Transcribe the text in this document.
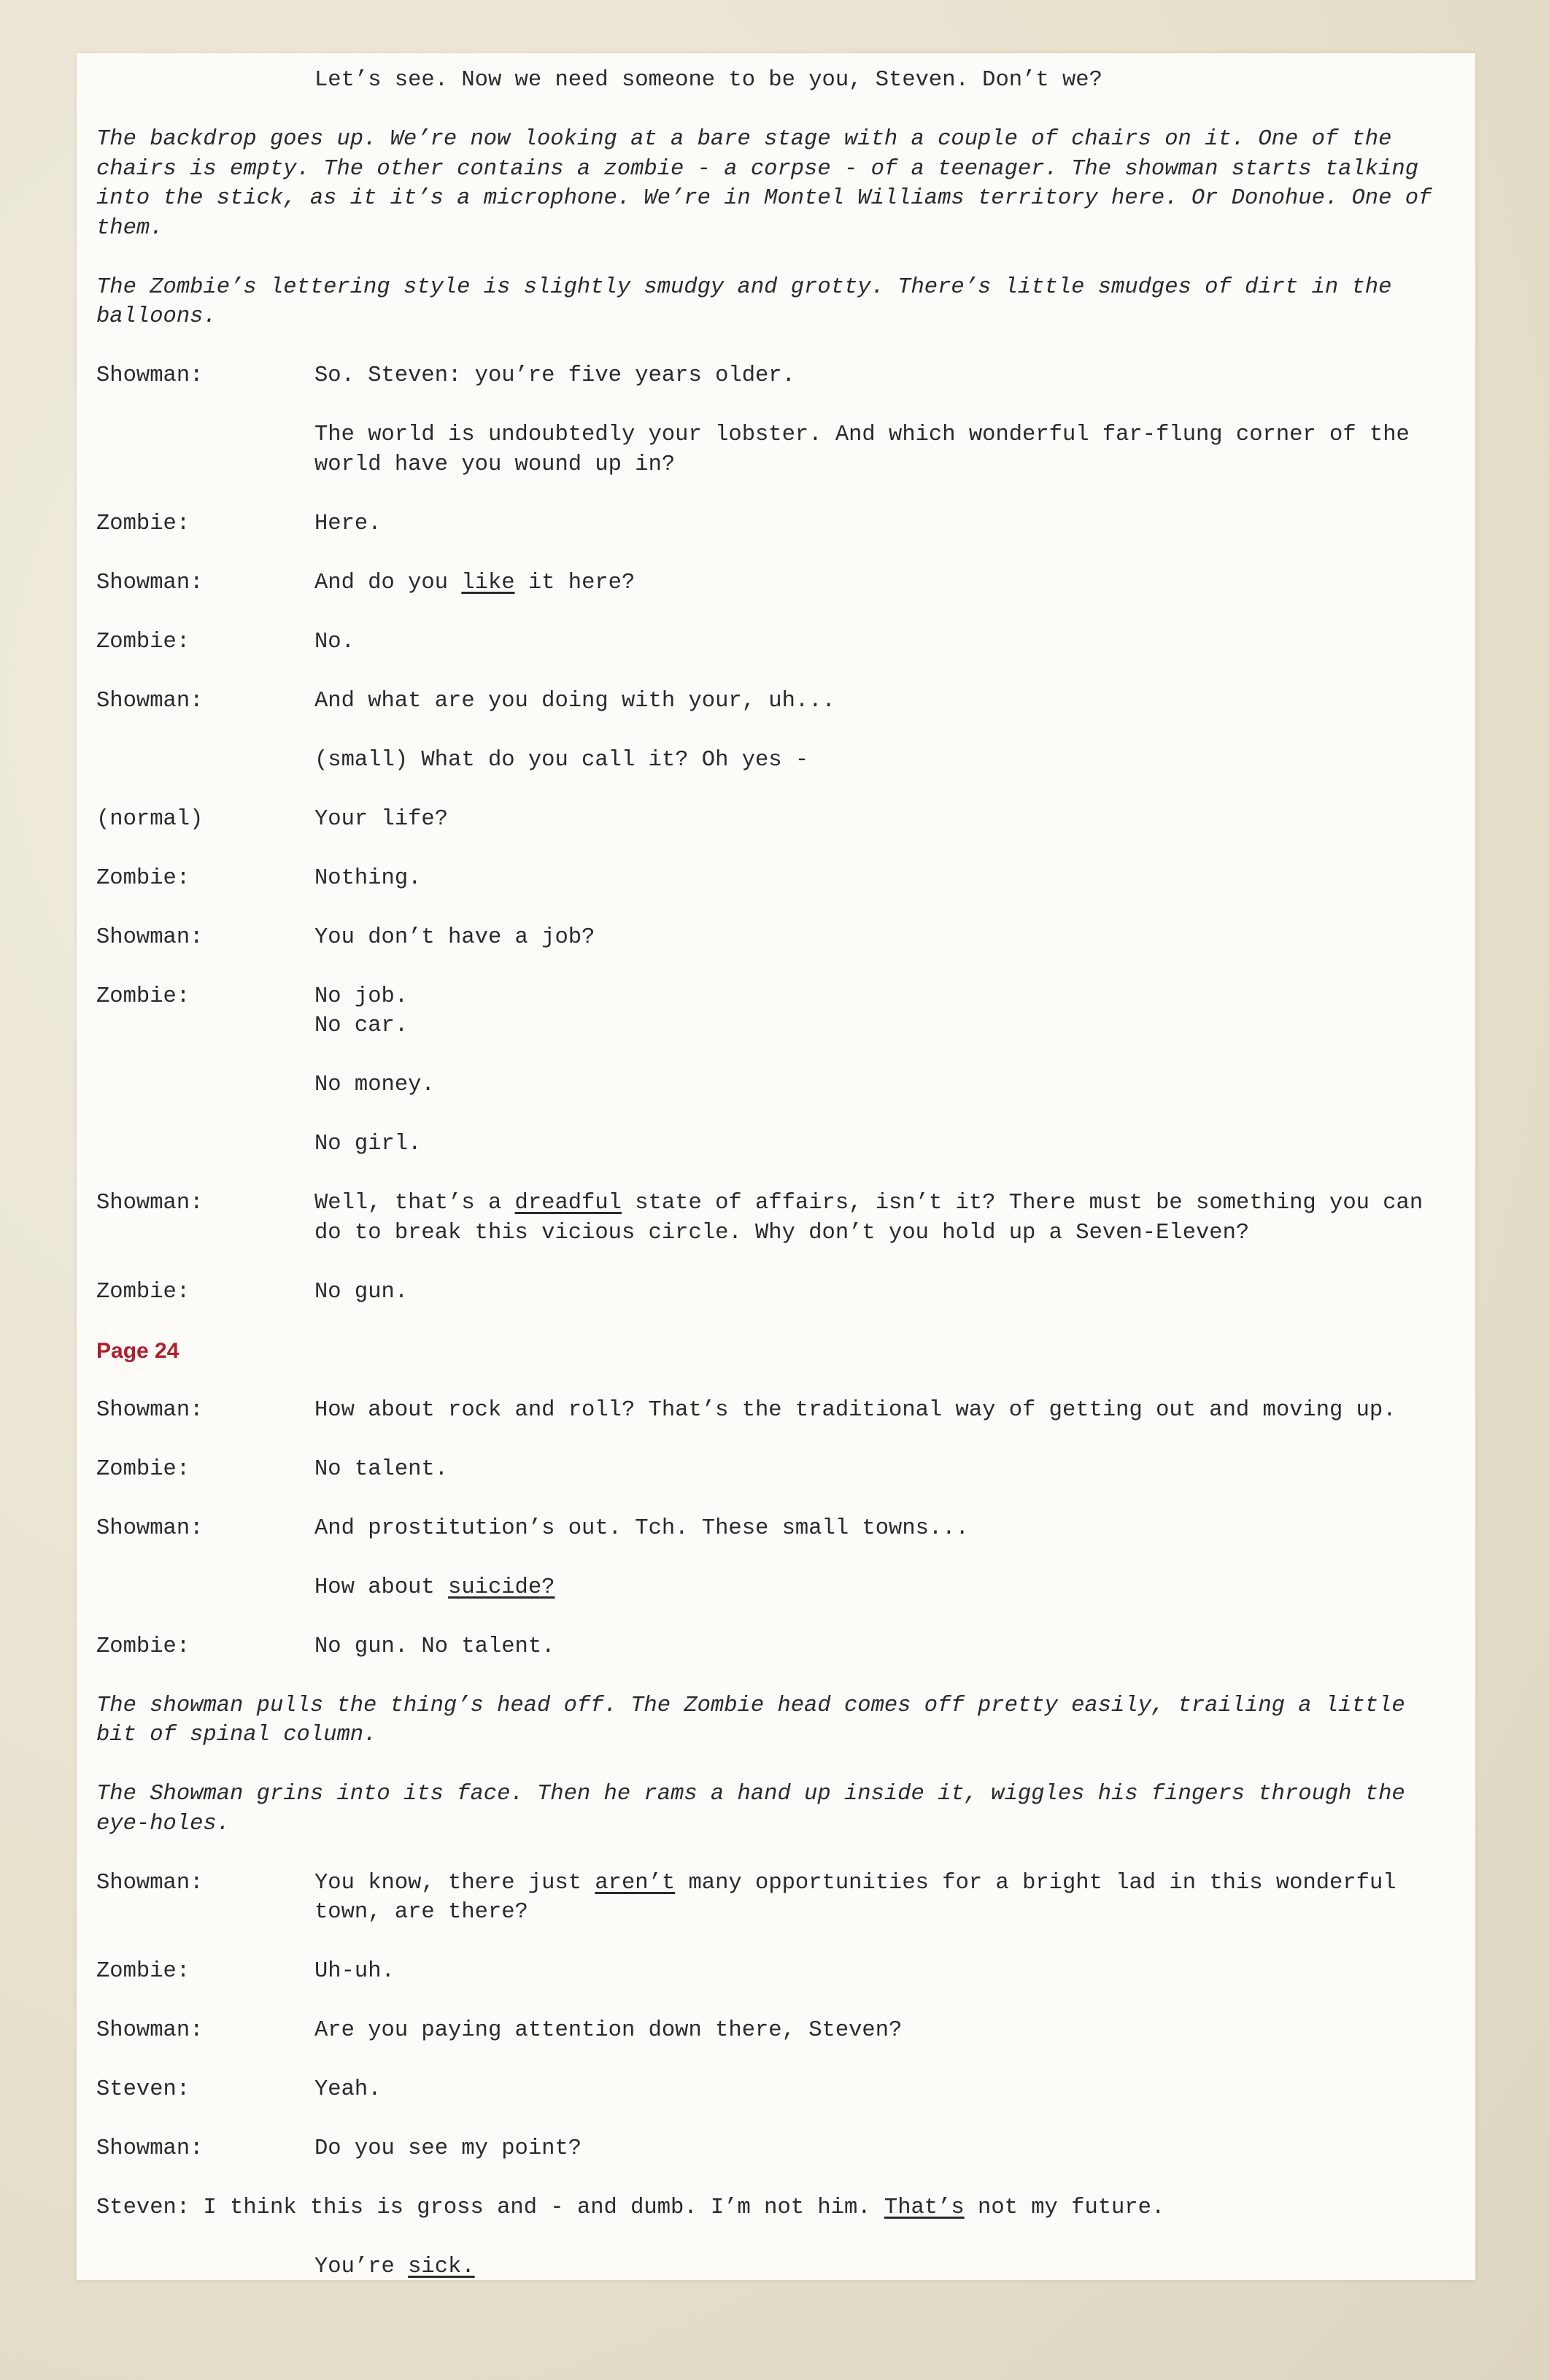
Let’s see. Now we need someone to be you, Steven. Don’t we?
The backdrop goes up. We’re now looking at a bare stage with a couple of chairs on it. One of the chairs is empty. The other contains a zombie - a corpse - of a teenager. The showman starts talking into the stick, as it it’s a microphone. We’re in Montel Williams territory here. Or Donohue. One of them.
The Zombie’s lettering style is slightly smudgy and grotty. There’s little smudges of dirt in the balloons.
Showman:	So. Steven: you’re five years older.
The world is undoubtedly your lobster. And which wonderful far-flung corner of the world have you wound up in?
Zombie:	Here.
Showman:	And do you like it here?
Zombie:	No.
Showman:	And what are you doing with your, uh...
(small) What do you call it? Oh yes -
(normal)	Your life?
Zombie:	Nothing.
Showman:	You don’t have a job?
Zombie:	No job.
No car.
No money.
No girl.
Showman:	Well, that’s a dreadful state of affairs, isn’t it? There must be something you can do to break this vicious circle. Why don’t you hold up a Seven-Eleven?
Zombie:	No gun.
Page 24
Showman:	How about rock and roll? That’s the traditional way of getting out and moving up.
Zombie:	No talent.
Showman:	And prostitution’s out. Tch. These small towns...
How about suicide?
Zombie:	No gun. No talent.
The showman pulls the thing’s head off. The Zombie head comes off pretty easily, trailing a little bit of spinal column.
The Showman grins into its face. Then he rams a hand up inside it, wiggles his fingers through the eye-holes.
Showman:	You know, there just aren’t many opportunities for a bright lad in this wonderful town, are there?
Zombie:	Uh-uh.
Showman:	Are you paying attention down there, Steven?
Steven:	Yeah.
Showman:	Do you see my point?
Steven: I think this is gross and - and dumb. I’m not him. That’s not my future.
You’re sick.
